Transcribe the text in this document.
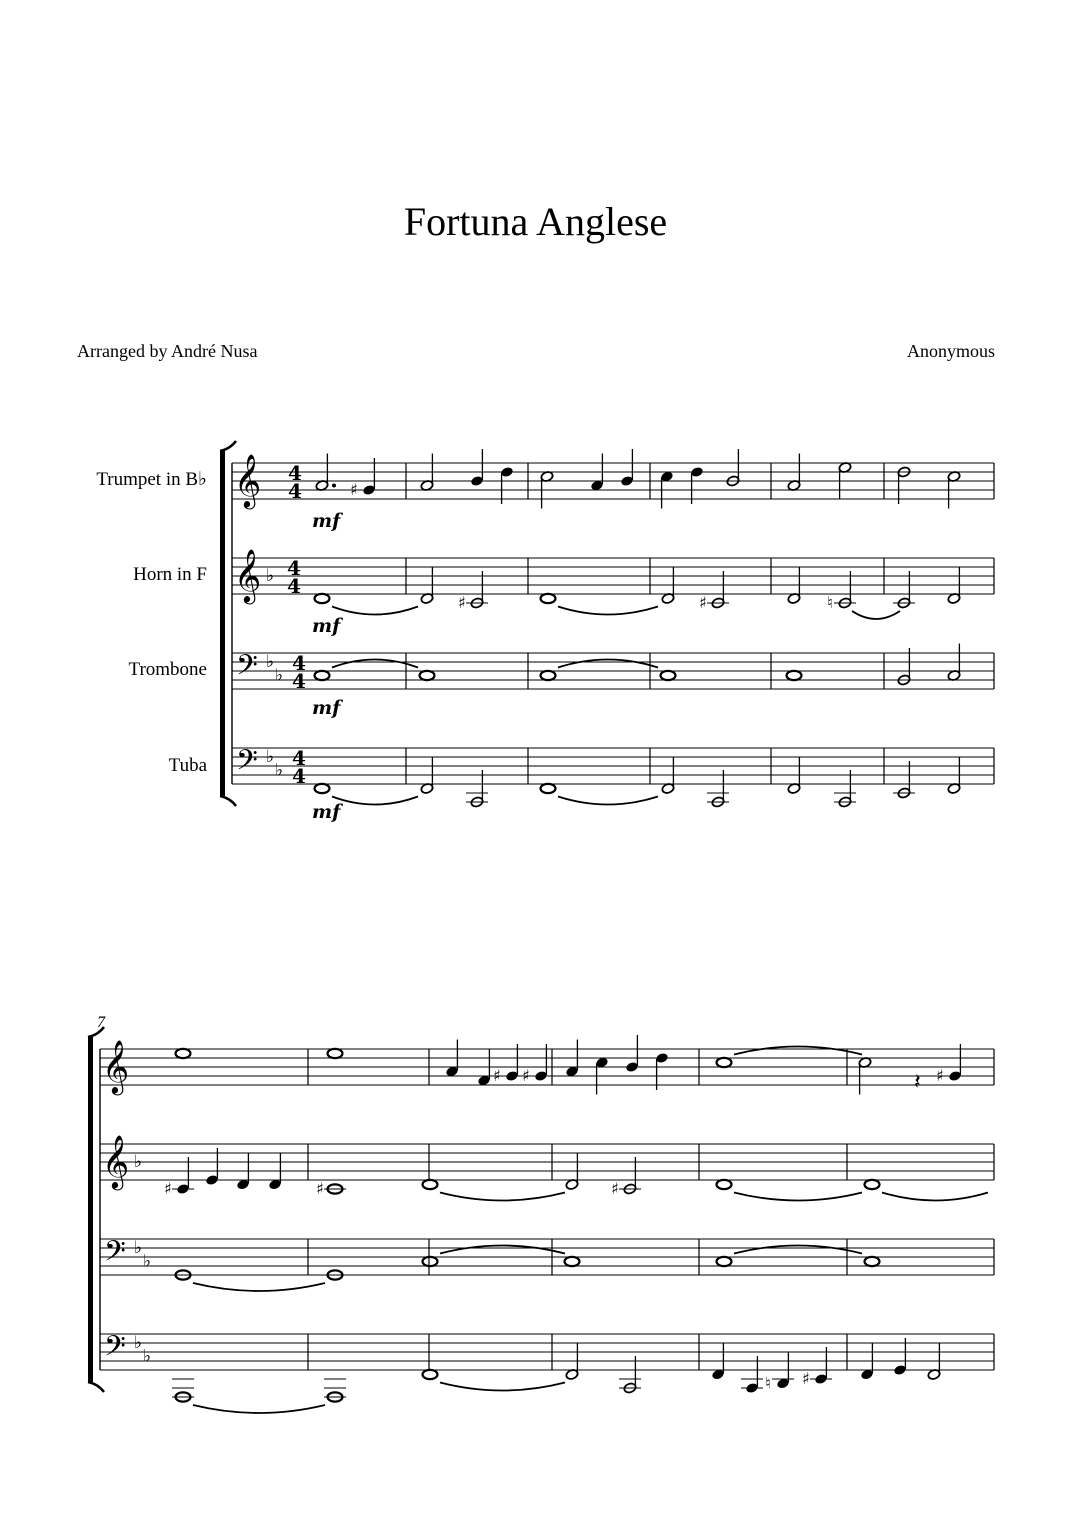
Fortuna Anglese
Arranged by André Nusa	Anonymous
Trumpet in B♭
Horn in F
Trombone
Tuba
7
𝄞 4
4
𝄞 ♭ 4
4
𝄢 ♭
♭
4
4
𝄢 ♭
♭
4
4
𝄞
𝄞 ♭
𝄢 ♭
♭
𝄢 ♭
♭
♯
mf
♯	♯	♮
mf
mf
mf
♯ ♯	𝄽 ♯
♯	♯	♯
♮ ♯
